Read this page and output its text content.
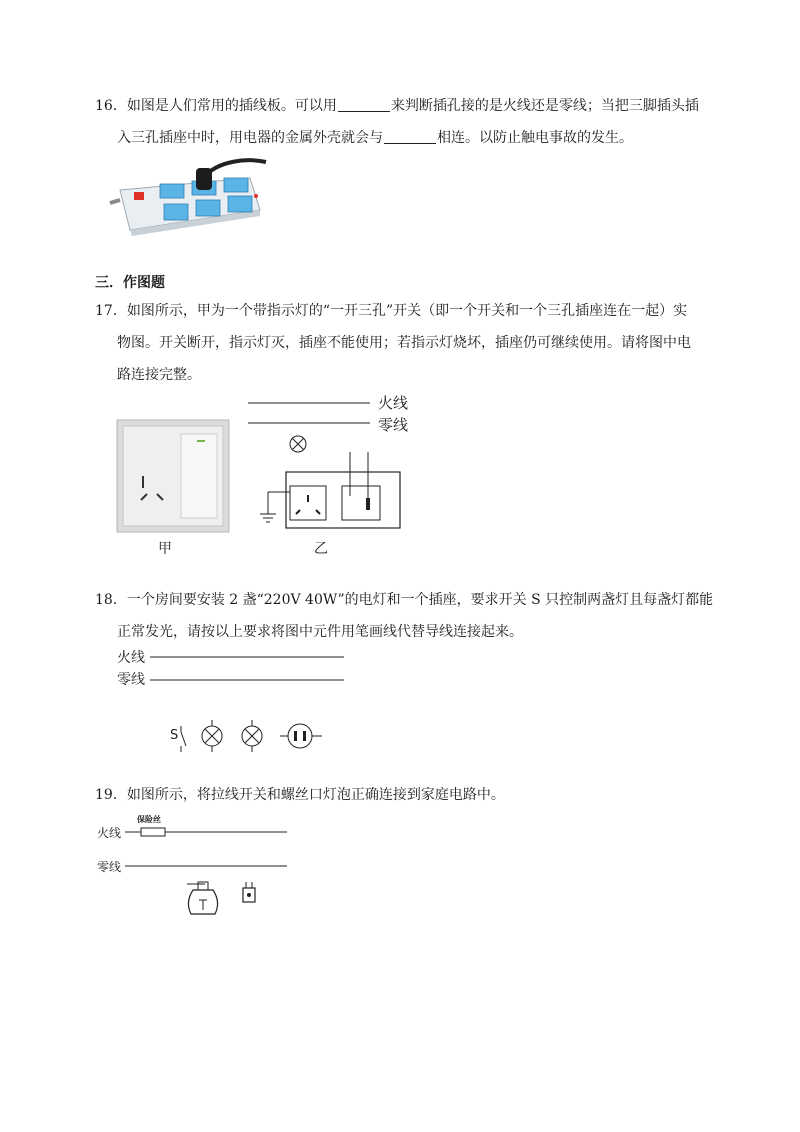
16．如图是人们常用的插线板。可以用	来判断插孔接的是火线还是零线；当把三脚插头插
入三孔插座中时，用电器的金属外壳就会与	相连。以防止触电事故的发生。
三．作图题
17．如图所示，甲为一个带指示灯的“一开三孔”开关（即一个开关和一个三孔插座连在一起）实
物图。开关断开，指示灯灭，插座不能使用；若指示灯烧坏，插座仍可继续使用。请将图中电
路连接完整。
甲
火线
零线
乙
18．一个房间要安装 2 盏“220V 40W”的电灯和一个插座，要求开关 S 只控制两盏灯且每盏灯都能
正常发光，请按以上要求将图中元件用笔画线代替导线连接起来。
火线
零线
S
19．如图所示，将拉线开关和螺丝口灯泡正确连接到家庭电路中。
保险丝
火线
零线
